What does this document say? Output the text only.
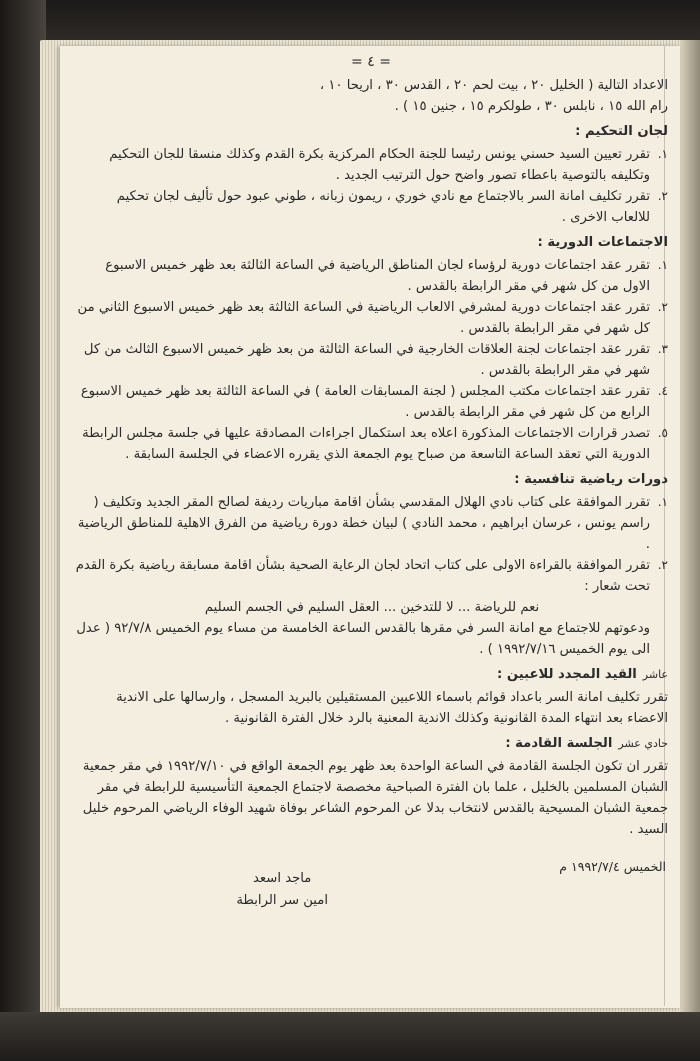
= ٤ =

الاعداد التالية ( الخليل ٢٠ ، بيت لحم ٢٠ ، القدس ٣٠ ، اريحا ١٠ ،

رام الله ١٥ ، نابلس ٣٠ ، طولكرم ١٥ ، جنين ١٥ ) .

لجان التحكيم :
١.

تقرر تعيين السيد حسني يونس رئيسا للجنة الحكام المركزية بكرة القدم وكذلك منسقا للجان التحكيم وتكليفه بالتوصية باعطاء تصور واضح حول الترتيب الجديد .

٢.

تقرر تكليف امانة السر بالاجتماع مع نادي خوري ، ريمون زبانه ، طوني عبود حول تأليف لجان تحكيم للالعاب الاخرى .

الاجتماعات الدورية :
١.

تقرر عقد اجتماعات دورية لرؤساء لجان المناطق الرياضية في الساعة الثالثة بعد ظهر خميس الاسبوع الاول من كل شهر في مقر الرابطة بالقدس .

٢.

تقرر عقد اجتماعات دورية لمشرفي الالعاب الرياضية في الساعة الثالثة بعد ظهر خميس الاسبوع الثاني من كل شهر في مقر الرابطة بالقدس .

٣.

تقرر عقد اجتماعات لجنة العلاقات الخارجية في الساعة الثالثة من بعد ظهر خميس الاسبوع الثالث من كل شهر في مقر الرابطة بالقدس .

٤.

تقرر عقد اجتماعات مكتب المجلس ( لجنة المسابقات العامة ) في الساعة الثالثة بعد ظهر خميس الاسبوع الرابع من كل شهر في مقر الرابطة بالقدس .

٥.

تصدر قرارات الاجتماعات المذكورة اعلاه بعد استكمال اجراءات المصادقة عليها في جلسة مجلس الرابطة الدورية التي تعقد الساعة التاسعة من صباح يوم الجمعة الذي يقرره الاعضاء في الجلسة السابقة .

دورات رياضية تنافسية :
١.

تقرر الموافقة على كتاب نادي الهلال المقدسي بشأن اقامة مباريات رديفة لصالح المقر الجديد وتكليف ( راسم يونس ، عرسان ابراهيم ، محمد النادي ) لبيان خطة دورة رياضية من الفرق الاهلية للمناطق الرياضية .

٢.

تقرر الموافقة بالقراءة الاولى على كتاب اتحاد لجان الرعاية الصحية بشأن اقامة مسابقة رياضية بكرة القدم تحت شعار :

نعم للرياضة ... لا للتدخين ... العقل السليم في الجسم السليم

ودعوتهم للاجتماع مع امانة السر في مقرها بالقدس الساعة الخامسة من مساء يوم الخميس ٩٢/٧/٨ ( عدل الى يوم الخميس ١٩٩٢/٧/١٦ ) .

عاشر
القيد المجدد للاعبين :

تقرر تكليف امانة السر باعداد قوائم باسماء اللاعبين المستقيلين بالبريد المسجل ، وارسالها على الاندية الاعضاء بعد انتهاء المدة القانونية وكذلك الاندية المعنية بالرد خلال الفترة القانونية .

حادي عشر
الجلسة القادمة :

تقرر ان تكون الجلسة القادمة في الساعة الواحدة بعد ظهر يوم الجمعة الواقع في ١٩٩٢/٧/١٠ في مقر جمعية الشبان المسلمين بالخليل ، علما بان الفترة الصباحية مخصصة لاجتماع الجمعية التأسيسية للرابطة في مقر جمعية الشبان المسيحية بالقدس لانتخاب بدلا عن المرحوم الشاعر بوفاة شهيد الوفاء الرياضي المرحوم خليل السيد .

الخميس ١٩٩٢/٧/٤ م
ماجد اسعد
امين سر الرابطة
